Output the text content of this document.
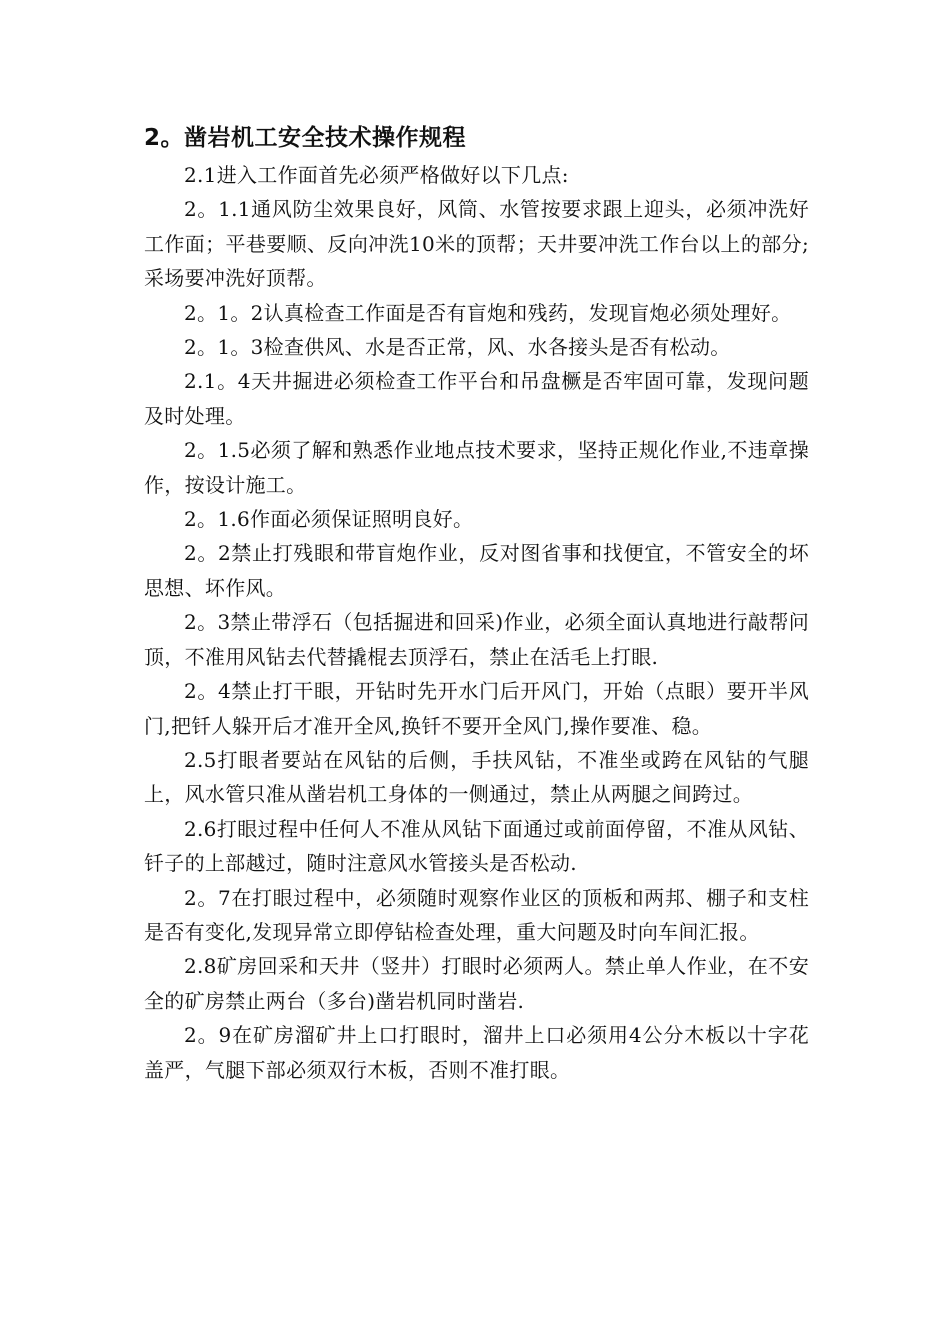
2。凿岩机工安全技术操作规程

2.1进入工作面首先必须严格做好以下几点:

2。1.1通风防尘效果良好，风筒、水管按要求跟上迎头，必须冲洗好工作面；平巷要顺、反向冲洗10米的顶帮；天井要冲洗工作台以上的部分;采场要冲洗好顶帮。

2。1。2认真检查工作面是否有盲炮和残药，发现盲炮必须处理好。

2。1。3检查供风、水是否正常，风、水各接头是否有松动。

2.1。4天井掘进必须检查工作平台和吊盘橛是否牢固可靠，发现问题及时处理。

2。1.5必须了解和熟悉作业地点技术要求，坚持正规化作业,不违章操作，按设计施工。

2。1.6作面必须保证照明良好。

2。2禁止打残眼和带盲炮作业，反对图省事和找便宜，不管安全的坏思想、坏作风。

2。3禁止带浮石（包括掘进和回采)作业，必须全面认真地进行敲帮问顶，不准用风钻去代替撬棍去顶浮石，禁止在活毛上打眼.

2。4禁止打干眼，开钻时先开水门后开风门，开始（点眼）要开半风门,把钎人躲开后才准开全风,换钎不要开全风门,操作要准、稳。

2.5打眼者要站在风钻的后侧，手扶风钻，不准坐或跨在风钻的气腿上，风水管只准从凿岩机工身体的一侧通过，禁止从两腿之间跨过。

2.6打眼过程中任何人不准从风钻下面通过或前面停留，不准从风钻、钎子的上部越过，随时注意风水管接头是否松动.

2。7在打眼过程中，必须随时观察作业区的顶板和两邦、棚子和支柱是否有变化,发现异常立即停钻检查处理，重大问题及时向车间汇报。

2.8矿房回采和天井（竖井）打眼时必须两人。禁止单人作业，在不安全的矿房禁止两台（多台)凿岩机同时凿岩.

2。9在矿房溜矿井上口打眼时，溜井上口必须用4公分木板以十字花盖严，气腿下部必须双行木板，否则不准打眼。
